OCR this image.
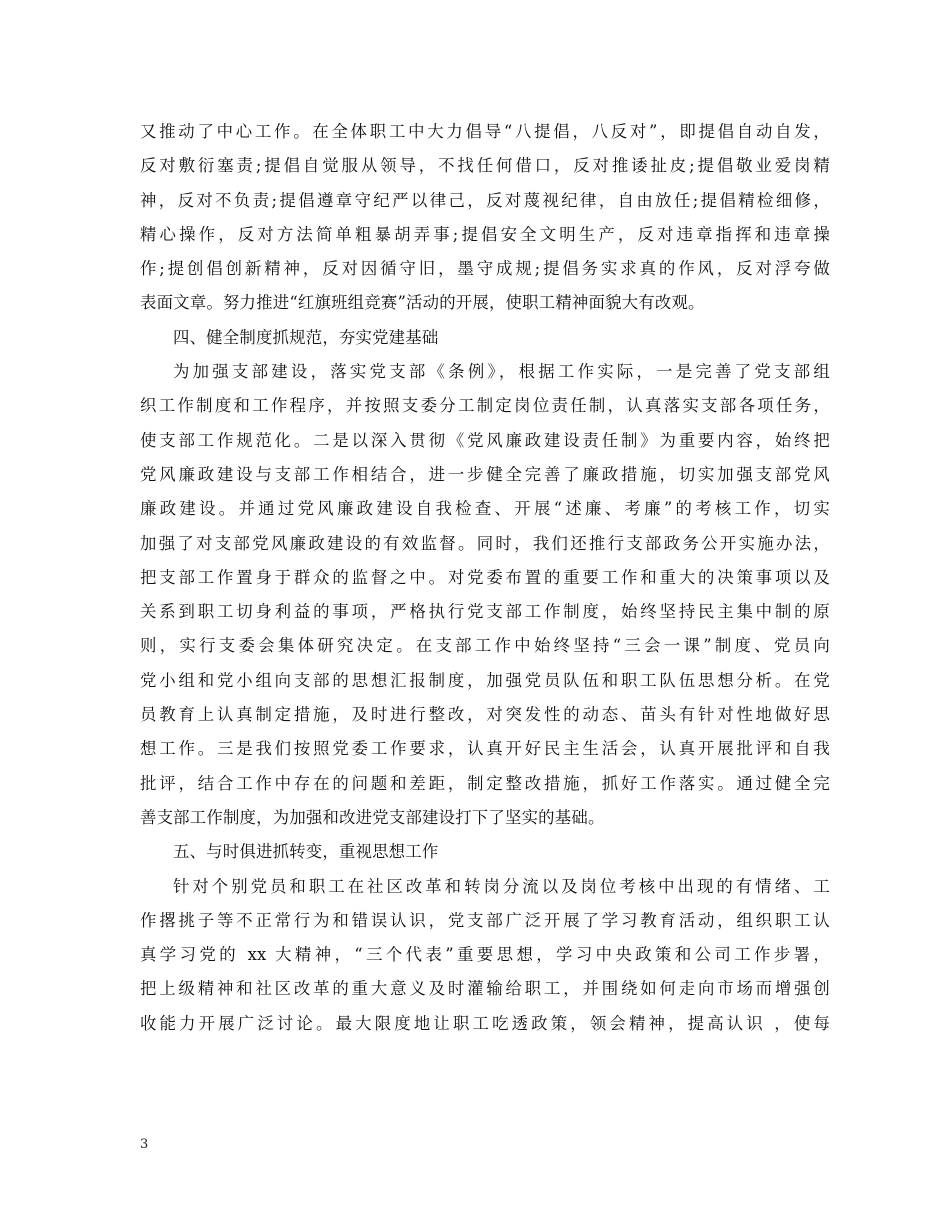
又推动了中心工作。在全体职工中大力倡导“八提倡，八反对”，即提倡自动自发，
反对敷衍塞责;提倡自觉服从领导，不找任何借口，反对推诿扯皮;提倡敬业爱岗精
神，反对不负责;提倡遵章守纪严以律己，反对蔑视纪律，自由放任;提倡精检细修，
精心操作，反对方法简单粗暴胡弄事;提倡安全文明生产，反对违章指挥和违章操
作;提创倡创新精神，反对因循守旧，墨守成规;提倡务实求真的作风，反对浮夸做
表面文章。努力推进“红旗班组竞赛”活动的开展，使职工精神面貌大有改观。
四、健全制度抓规范，夯实党建基础
为加强支部建设，落实党支部《条例》，根据工作实际，一是完善了党支部组
织工作制度和工作程序，并按照支委分工制定岗位责任制，认真落实支部各项任务，
使支部工作规范化。二是以深入贯彻《党风廉政建设责任制》为重要内容，始终把
党风廉政建设与支部工作相结合，进一步健全完善了廉政措施，切实加强支部党风
廉政建设。并通过党风廉政建设自我检查、开展“述廉、考廉”的考核工作，切实
加强了对支部党风廉政建设的有效监督。同时，我们还推行支部政务公开实施办法，
把支部工作置身于群众的监督之中。对党委布置的重要工作和重大的决策事项以及
关系到职工切身利益的事项，严格执行党支部工作制度，始终坚持民主集中制的原
则，实行支委会集体研究决定。在支部工作中始终坚持“三会一课”制度、党员向
党小组和党小组向支部的思想汇报制度，加强党员队伍和职工队伍思想分析。在党
员教育上认真制定措施，及时进行整改，对突发性的动态、苗头有针对性地做好思
想工作。三是我们按照党委工作要求，认真开好民主生活会，认真开展批评和自我
批评，结合工作中存在的问题和差距，制定整改措施，抓好工作落实。通过健全完
善支部工作制度，为加强和改进党支部建设打下了坚实的基础。
五、与时俱进抓转变，重视思想工作
针对个别党员和职工在社区改革和转岗分流以及岗位考核中出现的有情绪、工
作撂挑子等不正常行为和错误认识，党支部广泛开展了学习教育活动，组织职工认
真学习党的 xx 大精神，“三个代表”重要思想，学习中央政策和公司工作步署，
把上级精神和社区改革的重大意义及时灌输给职工，并围绕如何走向市场而增强创
收能力开展广泛讨论。最大限度地让职工吃透政策，领会精神，提高认识 ，使每
3
